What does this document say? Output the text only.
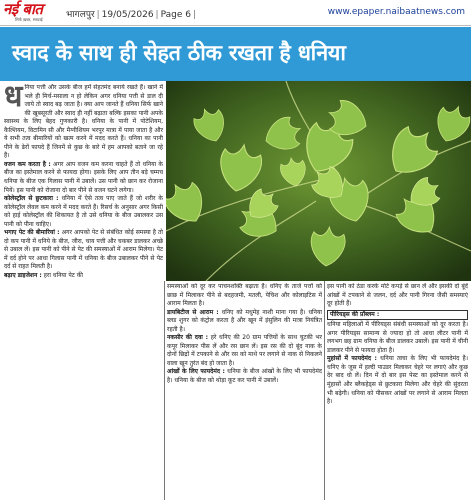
नई बात
सिर्फ ख़बर, सच्चाई	भागलपुर | 19/05/2026 | Page 6 |	www.epaper.naibaatnews.com
स्वाद के साथ ही सेहत ठीक रखता है धनिया
ध निया पत्ती और उसके बीज हमें सेहतमंद बनाये रखते हैं। खाने में भले ही मिर्च-मसाला न हो लेकिन अगर धनिया पत्ती से डाल दी जाये तो स्वाद बढ़ जाता है। क्या आप जानते हैं धनिया सिर्फ खाने की खूबसूरती और स्वाद ही नहीं बढ़ाता बल्कि इसका पानी अपके स्वास्थ्य के लिए बेहद गुणकारी है। धनिया के पानी में पोटेशियम, कैल्शियम, विटामिन सी और मैग्नीशियम भरपूर मात्रा में पाया जाता है और ये सभी तत्व बीमारियों को खत्म करने में मदद करते हैं। धनिया का पानी पीने के ढेरों फायदे हैं जिनमें से कुछ के बारे में हम आपको बताने जा रहे हैं।

वजन कम करता है : अगर आप वजन कम करना चाहते हैं तो धनिया के बीज का इस्तेमाल करने से फायदा होगा। इसके लिए आप तीन बड़े चम्मच धनिया के बीज एक गिलास पानी में उबालें। उस पानी को छान कर रोजाना पियें। इस पानी को रोजाना दो बार पीने से वजन घटने लगेगा।

कोलेस्ट्रॉल से छुटकारा : धनिया में ऐसे तत्व पाए जाते हैं जो शरीर के कोलेस्ट्रॉल लेवल कम करने में मदद करते हैं। रिसर्च के अनुसार अगर किसी को हाई कोलेस्ट्रॉल की शिकायत है तो उसे धनिया के बीज उबालकर उस पानी को पीना चाहिए।

भगाए पेट की बीमारियां : अगर आपको पेट से संबंधित कोई समस्या है तो दो कप पानी में धनिये के बीज, जीरा, चाय पत्ती और चकबर डालकर अच्छे से उबाल लें। इस पानी को पीने से पेट की समस्याओं में आराम मिलेगा। पेट में दर्द होने पर आधा गिलास पानी में धनिया के बीज उबालकर पीने से पेट दर्द से राहत मिलती है।

बढ़ाए डाइजेशन : हरा धनिया पेट की

समस्याओं को दूर कर पाचनशक्ति बढ़ाता है। धनिए के ताजे पत्तों को छाछ में मिलाकर पीने से बदहजमी, मतली, पेचिश और कोलाइटिस में आराम मिलता है।

डायबिटीज से आराम : धनिए को मधुमेह नाशी माना गया है। धनिया ब्लड शुगर को कंट्रोल करता है और खून में इंसुलिन की मात्रा नियंत्रित रहती है।

नकसीर की दवा : हरे धनिए की 20 ग्राम पत्तियों के साथ चुटकी भर कपूर मिलाकर पीस लें और रस छान लें। इस रस की दो बूंद नाक के दोनों छिद्रों में टपकाने से और रस को माथे पर लगाने से नाक से निकलने वाला खून तुरंत बंद हो जाता है।

आंखों के लिए फायदेमंद : धनिया के बीज आंखों के लिए भी फायदेमंद है। धनिया के बीज को थोड़ा कूट कर पानी में उबालें।

इस पानी को ठंडा करके मोटे कपड़े से छान लें और इसकी दो बूंदें आंखों में टपकाने से जलन, दर्द और पानी गिरना जैसी समस्याएं दूर होती हैं।

पीरियड्स की प्रॉब्लम :
धनिया महिलाओं में पीरियड्स संबंधी समस्याओं को दूर करता है। अगर पीरियड्स सामान्य से ज्यादा हो तो आधा लीटर पानी में लगभग छह ग्राम धनिया के बीज डालकर उबालें। इस पानी में चीनी डालकर पीने से फायदा होता है।

मुहांसों में फायदेमंद : धनिया त्वचा के लिए भी फायदेमंद है। धनिए के जूस में हल्दी पाउडर मिलाकर चेहरे पर लगाएं और कुछ देर बाद धो लें। दिन में दो बार इस पेस्ट का इस्तेमाल करने से मुंहासों और ब्लैकहेड्स से छुटकारा मिलेगा और चेहरे की सुंदरता भी बढ़ेगी। धनिया को पीसकर आंखों पर लगाने से आराम मिलता है।
